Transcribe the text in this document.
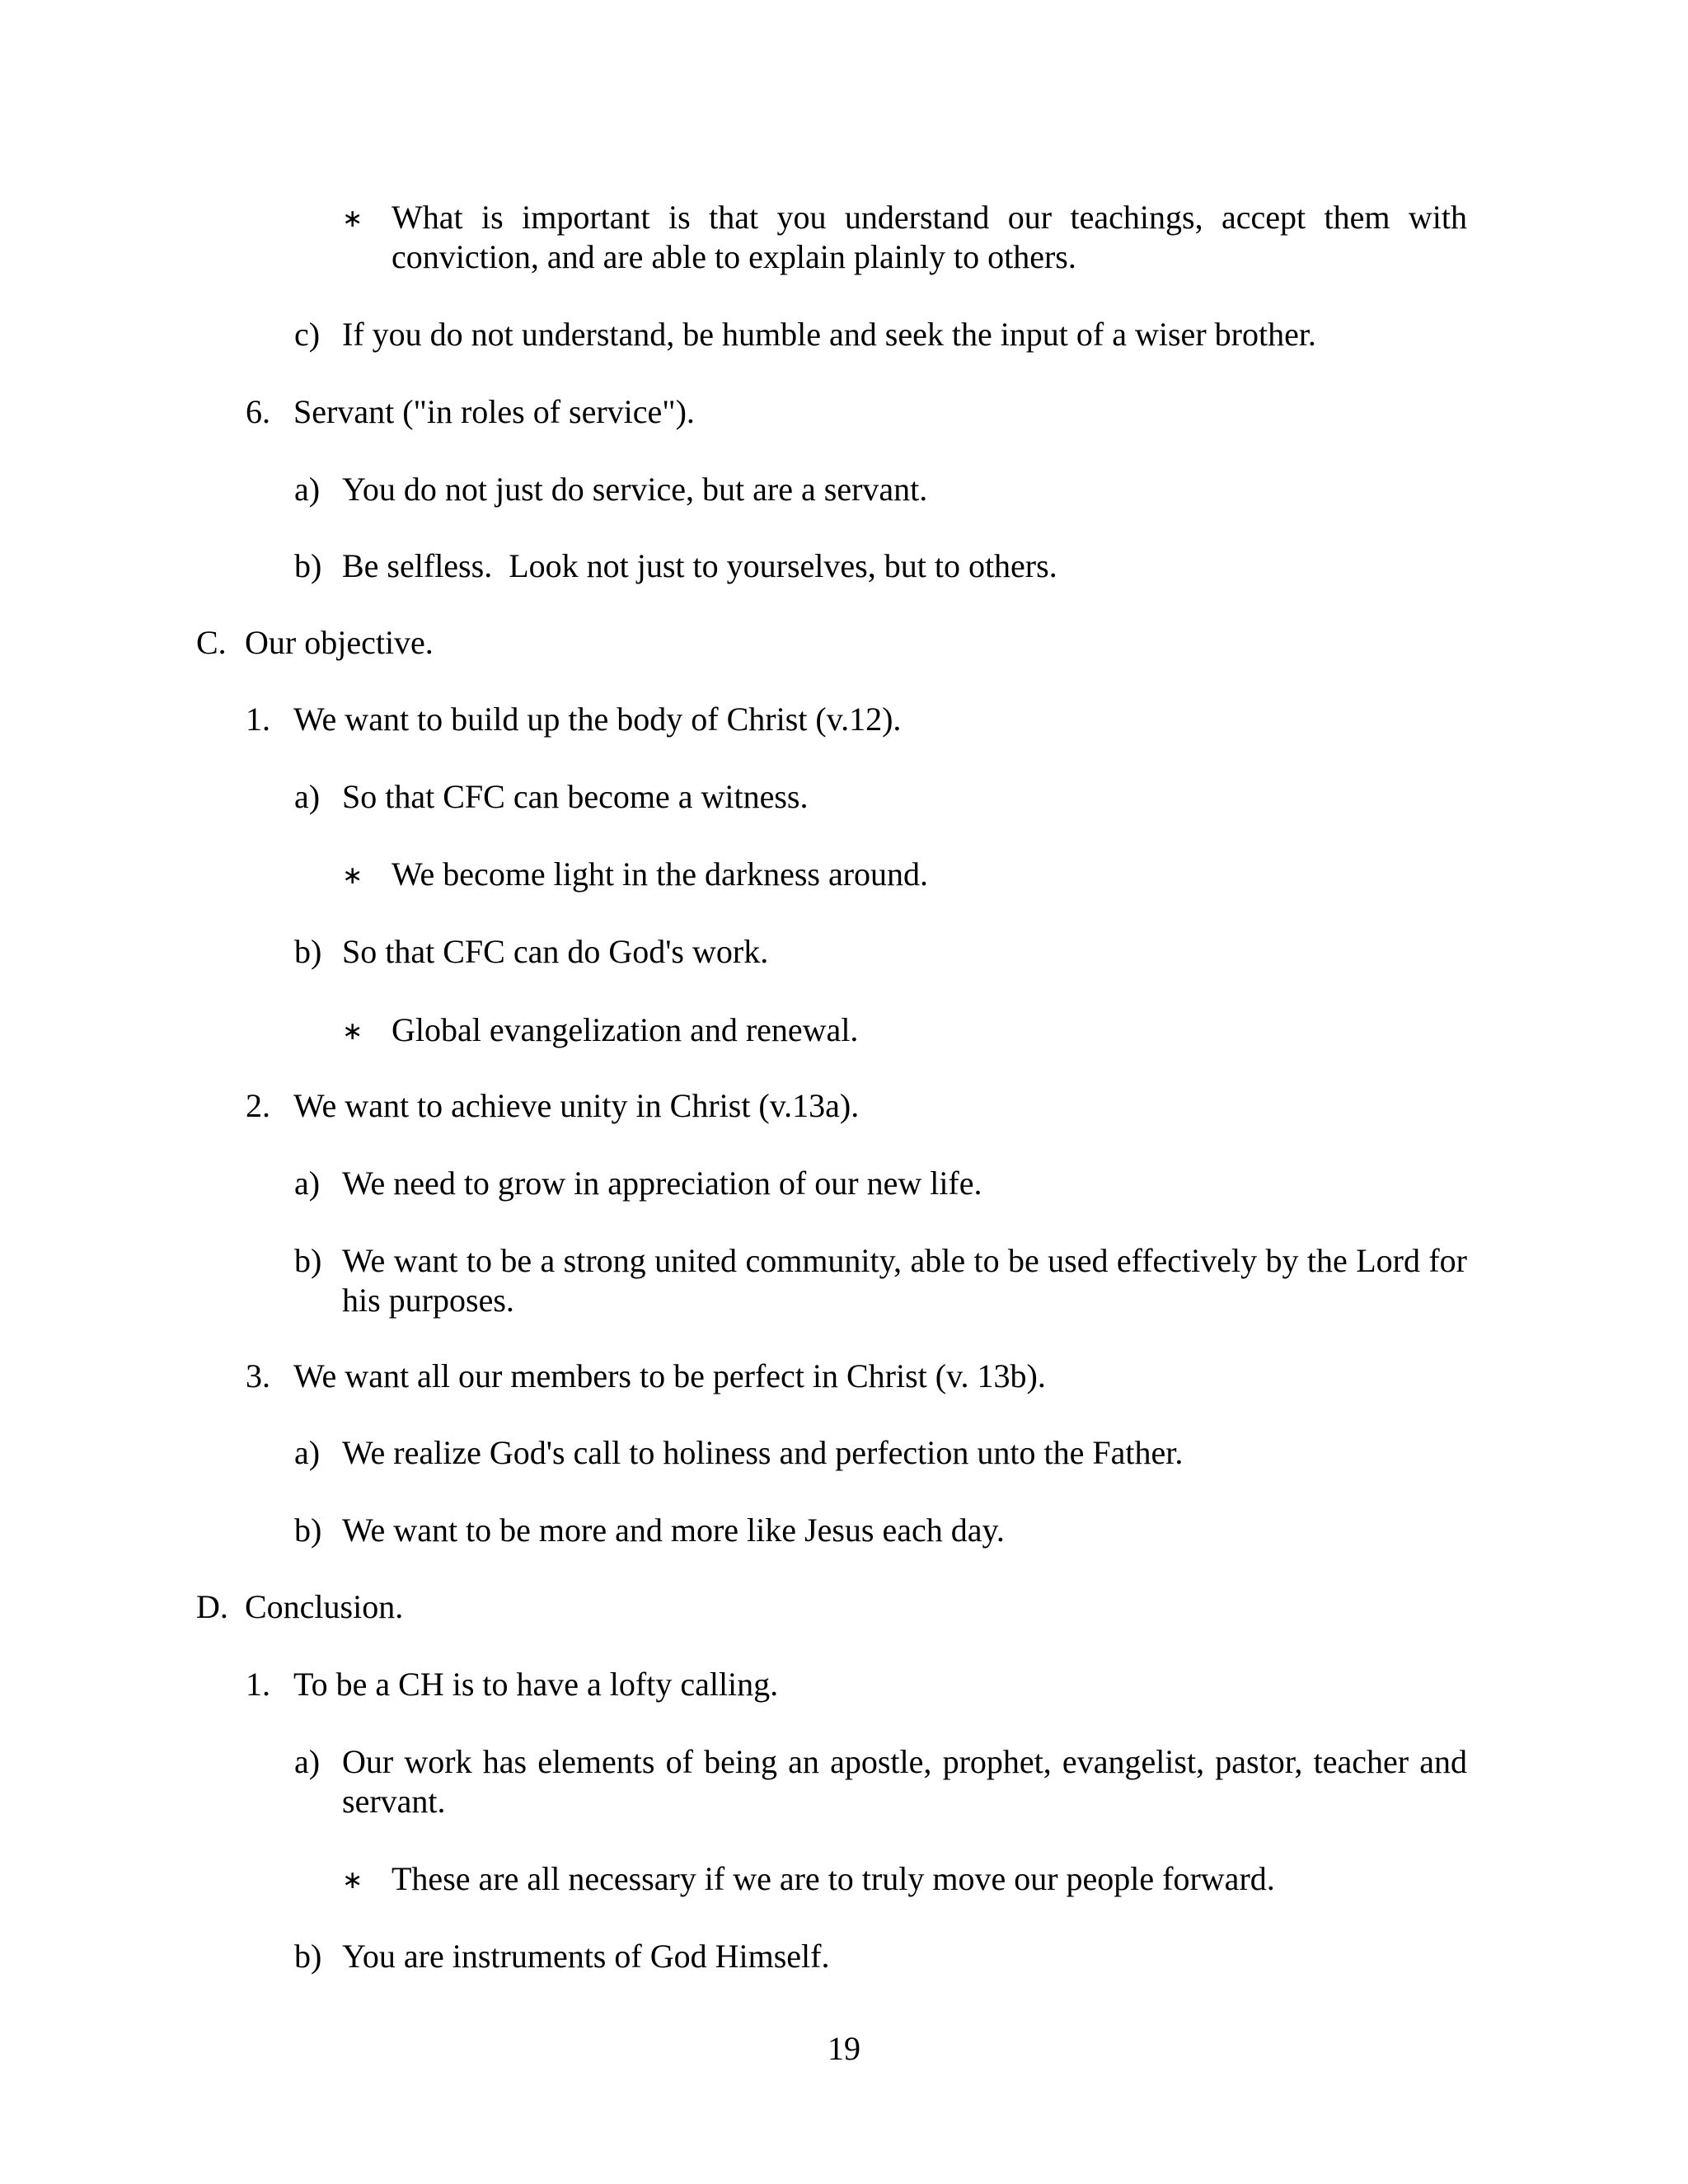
∗ What is important is that you understand our teachings, accept them with conviction, and are able to explain plainly to others.
c) If you do not understand, be humble and seek the input of a wiser brother.
6. Servant ("in roles of service").
a) You do not just do service, but are a servant.
b) Be selfless.  Look not just to yourselves, but to others.
C. Our objective.
1. We want to build up the body of Christ (v.12).
a) So that CFC can become a witness.
∗ We become light in the darkness around.
b) So that CFC can do God's work.
∗ Global evangelization and renewal.
2. We want to achieve unity in Christ (v.13a).
a) We need to grow in appreciation of our new life.
b) We want to be a strong united community, able to be used effectively by the Lord for his purposes.
3. We want all our members to be perfect in Christ (v. 13b).
a) We realize God's call to holiness and perfection unto the Father.
b) We want to be more and more like Jesus each day.
D. Conclusion.
1. To be a CH is to have a lofty calling.
a) Our work has elements of being an apostle, prophet, evangelist, pastor, teacher and servant.
∗ These are all necessary if we are to truly move our people forward.
b) You are instruments of God Himself.
19
